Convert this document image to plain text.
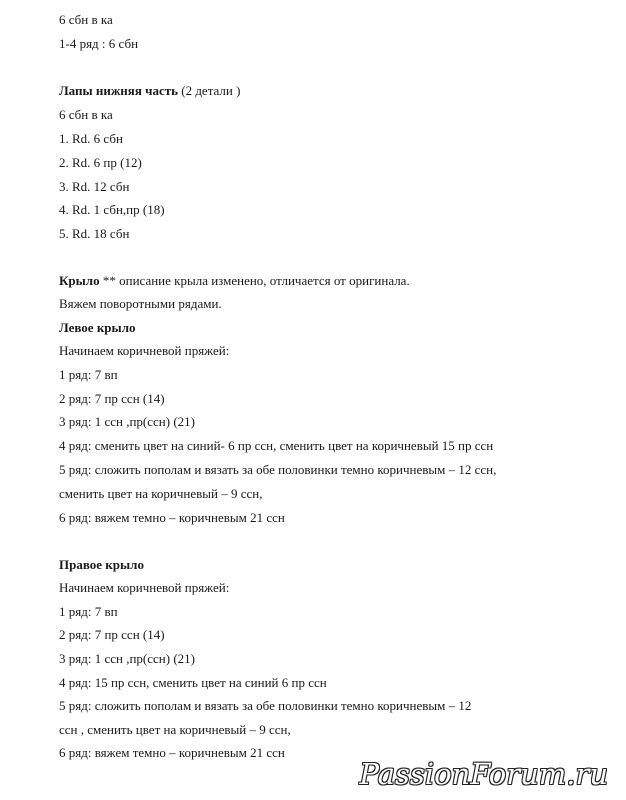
6 сбн в ка

1-4 ряд : 6 сбн

Лапы нижняя часть (2 детали )

6 сбн в ка

1. Rd. 6 сбн

2. Rd. 6 пр (12)

3. Rd. 12 сбн

4. Rd. 1 сбн,пр (18)

5. Rd. 18 сбн

Крыло ** описание крыла изменено, отличается от оригинала.

Вяжем поворотными рядами.

Левое крыло

Начинаем коричневой пряжей:

1 ряд: 7 вп

2 ряд: 7 пр ссн (14)

3 ряд: 1 ссн ,пр(ссн) (21)

4 ряд: сменить цвет на синий- 6 пр ссн, сменить цвет на коричневый 15 пр ссн

5 ряд: сложить пополам и вязать за обе половинки темно коричневым – 12 ссн,

сменить цвет на коричневый – 9 ссн,

6 ряд: вяжем темно – коричневым 21 ссн

Правое крыло

Начинаем коричневой пряжей:

1 ряд: 7 вп

2 ряд: 7 пр ссн (14)

3 ряд: 1 ссн ,пр(ссн) (21)

4 ряд: 15 пр ссн, сменить цвет на синий 6 пр ссн

5 ряд: сложить пополам и вязать за обе половинки темно коричневым – 12

ссн , сменить цвет на коричневый – 9 ссн,

6 ряд: вяжем темно – коричневым 21 ссн

PassionForum.ru
